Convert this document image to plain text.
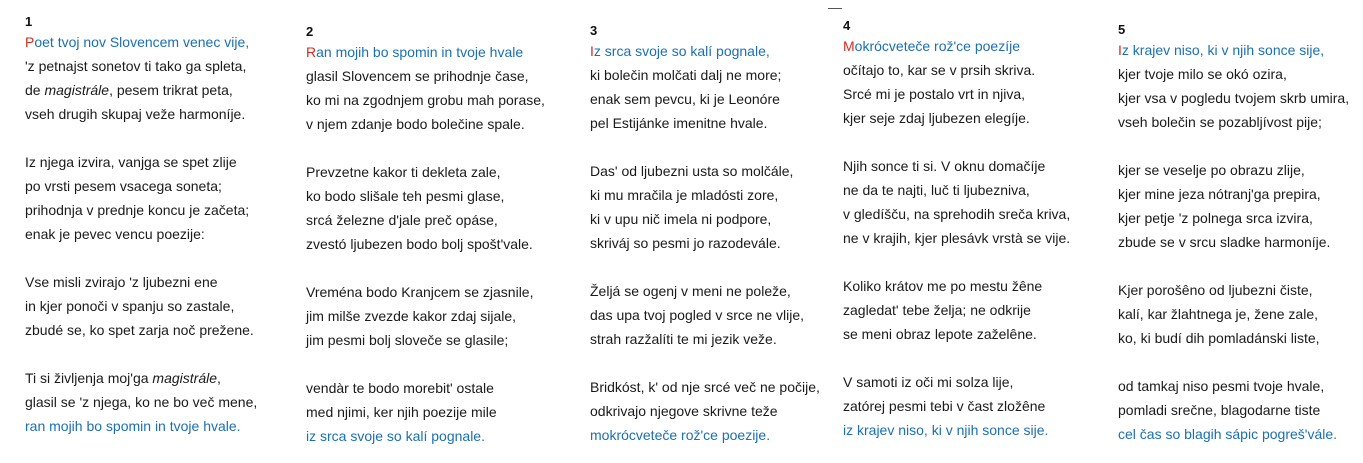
1
Poet tvoj nov Slovencem venec vije,
'z petnajst sonetov ti tako ga spleta,
de magistrále, pesem trikrat peta,
vseh drugih skupaj veže harmoníje.
Iz njega izvira, vanjga se spet zlije
po vrsti pesem vsacega soneta;
prihodnja v prednje koncu je začeta;
enak je pevec vencu poezije:
Vse misli zvirajo 'z ljubezni ene
in kjer ponoči v spanju so zastale,
zbudé se, ko spet zarja noč preženе.
Ti si življenja moj'ga magistrále,
glasil se 'z njega, ko ne bo več mene,
ran mojih bo spomin in tvoje hvale.
2
Ran mojih bo spomin in tvoje hvale
glasil Slovencem se prihodnje čase,
ko mi na zgodnjem grobu mah porase,
v njem zdanje bodo bolečine spale.
Prevzetne kakor ti dekleta zale,
ko bodo slišale teh pesmi glase,
srcá železne d'jale preč opáse,
zvestó ljubezen bodo bolj spošt'vale.
Vreména bodo Kranjcem se zjasnile,
jim milše zvezde kakor zdaj sijale,
jim pesmi bolj sloveče se glasile;
vendàr te bodo morebit' ostale
med njimi, ker njih poezije mile
iz srca svoje so kalí pognale.
3
Iz srca svoje so kalí pognale,
ki bolečin molčati dalj ne more;
enak sem pevcu, ki je Leonóre
pel Estijánke imenitne hvale.
Das' od ljubezni usta so molčále,
ki mu mračila je mladósti zore,
ki v upu nič imela ni podpore,
skriváj so pesmi jo razodevále.
Željá se ogenj v meni ne poleže,
das upa tvoj pogled v srce ne vlije,
strah razžalíti te mi jezik veže.
Bridkóst, k' od nje srcé več ne počije,
odkrivajo njegove skrivne teže
mokrócveteče rož'ce poezije.
4
Mokrócveteče rož'ce poezíje
očítajo to, kar se v prsih skriva.
Srcé mi je postalo vrt in njiva,
kjer seje zdaj ljubezen elegíje.
Njih sonce ti si. V oknu domačíje
ne da te najti, luč ti ljubezniva,
v gledíšču, na sprehodih sreča kriva,
ne v krajih, kjer plesávk vrstà se vije.
Koliko krátov me po mestu žêne
zagledat' tebe želja; ne odkrije
se meni obraz lepote zaželêne.
V samoti iz oči mi solza lije,
zatórej pesmi tebi v čast zložêne
iz krajev niso, ki v njih sonce sije.
5
Iz krajev niso, ki v njih sonce sije,
kjer tvoje milo se okó ozira,
kjer vsa v pogledu tvojem skrb umira,
vseh bolečin se pozabljívost pije;
kjer se veselje po obrazu zlije,
kjer mine jeza nótranj'ga prepira,
kjer petje 'z polnega srca izvira,
zbude se v srcu sladke harmoníje.
Kjer porošêno od ljubezni čiste,
kalí, kar žlahtnega je, žene zale,
ko, ki budí dih pomladánski liste,
od tamkaj niso pesmi tvoje hvale,
pomladi srečne, blagodarne tiste
cel čas so blagih sápic pogreš'vále.
